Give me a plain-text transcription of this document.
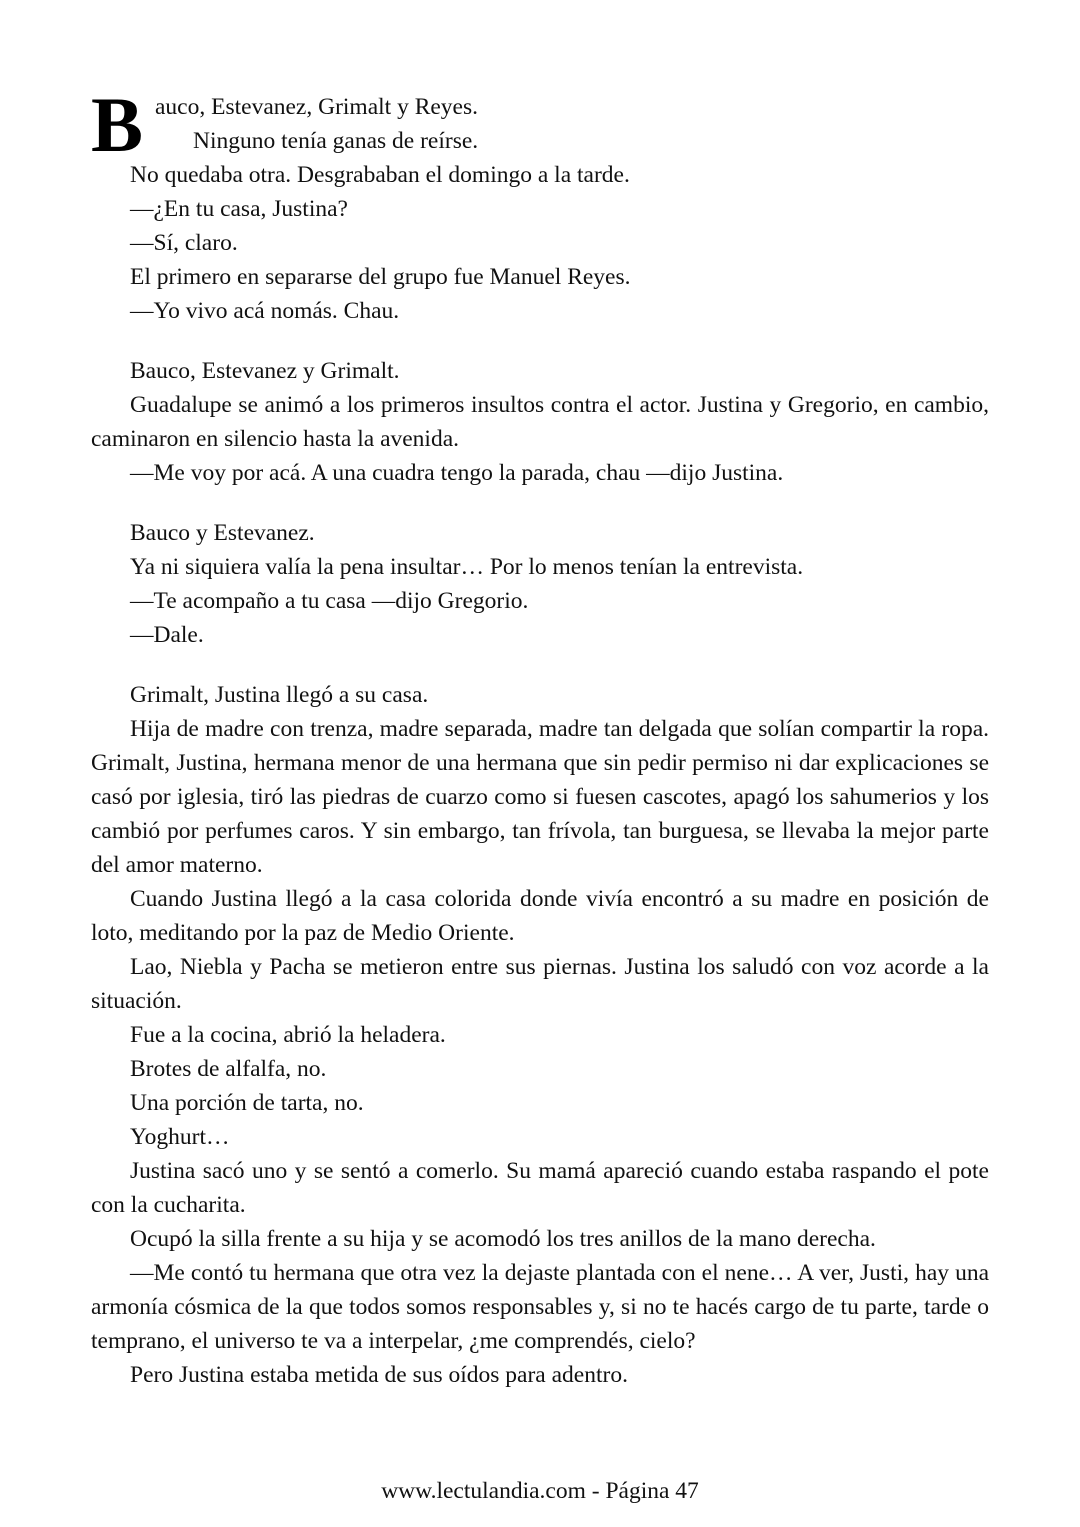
B auco, Estevanez, Grimalt y Reyes.
Ninguno tenía ganas de reírse.

No quedaba otra. Desgrababan el domingo a la tarde.

—¿En tu casa, Justina?

—Sí, claro.

El primero en separarse del grupo fue Manuel Reyes.

—Yo vivo acá nomás. Chau.

Bauco, Estevanez y Grimalt.

Guadalupe se animó a los primeros insultos contra el actor. Justina y Gregorio, en cambio, caminaron en silencio hasta la avenida.

—Me voy por acá. A una cuadra tengo la parada, chau —dijo Justina.

Bauco y Estevanez.

Ya ni siquiera valía la pena insultar… Por lo menos tenían la entrevista.

—Te acompaño a tu casa —dijo Gregorio.

—Dale.

Grimalt, Justina llegó a su casa.

Hija de madre con trenza, madre separada, madre tan delgada que solían compartir la ropa. Grimalt, Justina, hermana menor de una hermana que sin pedir permiso ni dar explicaciones se casó por iglesia, tiró las piedras de cuarzo como si fuesen cascotes, apagó los sahumerios y los cambió por perfumes caros. Y sin embargo, tan frívola, tan burguesa, se llevaba la mejor parte del amor materno.

Cuando Justina llegó a la casa colorida donde vivía encontró a su madre en posición de loto, meditando por la paz de Medio Oriente.

Lao, Niebla y Pacha se metieron entre sus piernas. Justina los saludó con voz acorde a la situación.

Fue a la cocina, abrió la heladera.

Brotes de alfalfa, no.

Una porción de tarta, no.

Yoghurt…

Justina sacó uno y se sentó a comerlo. Su mamá apareció cuando estaba raspando el pote con la cucharita.

Ocupó la silla frente a su hija y se acomodó los tres anillos de la mano derecha.

—Me contó tu hermana que otra vez la dejaste plantada con el nene… A ver, Justi, hay una armonía cósmica de la que todos somos responsables y, si no te hacés cargo de tu parte, tarde o temprano, el universo te va a interpelar, ¿me comprendés, cielo?

Pero Justina estaba metida de sus oídos para adentro.

www.lectulandia.com - Página 47
